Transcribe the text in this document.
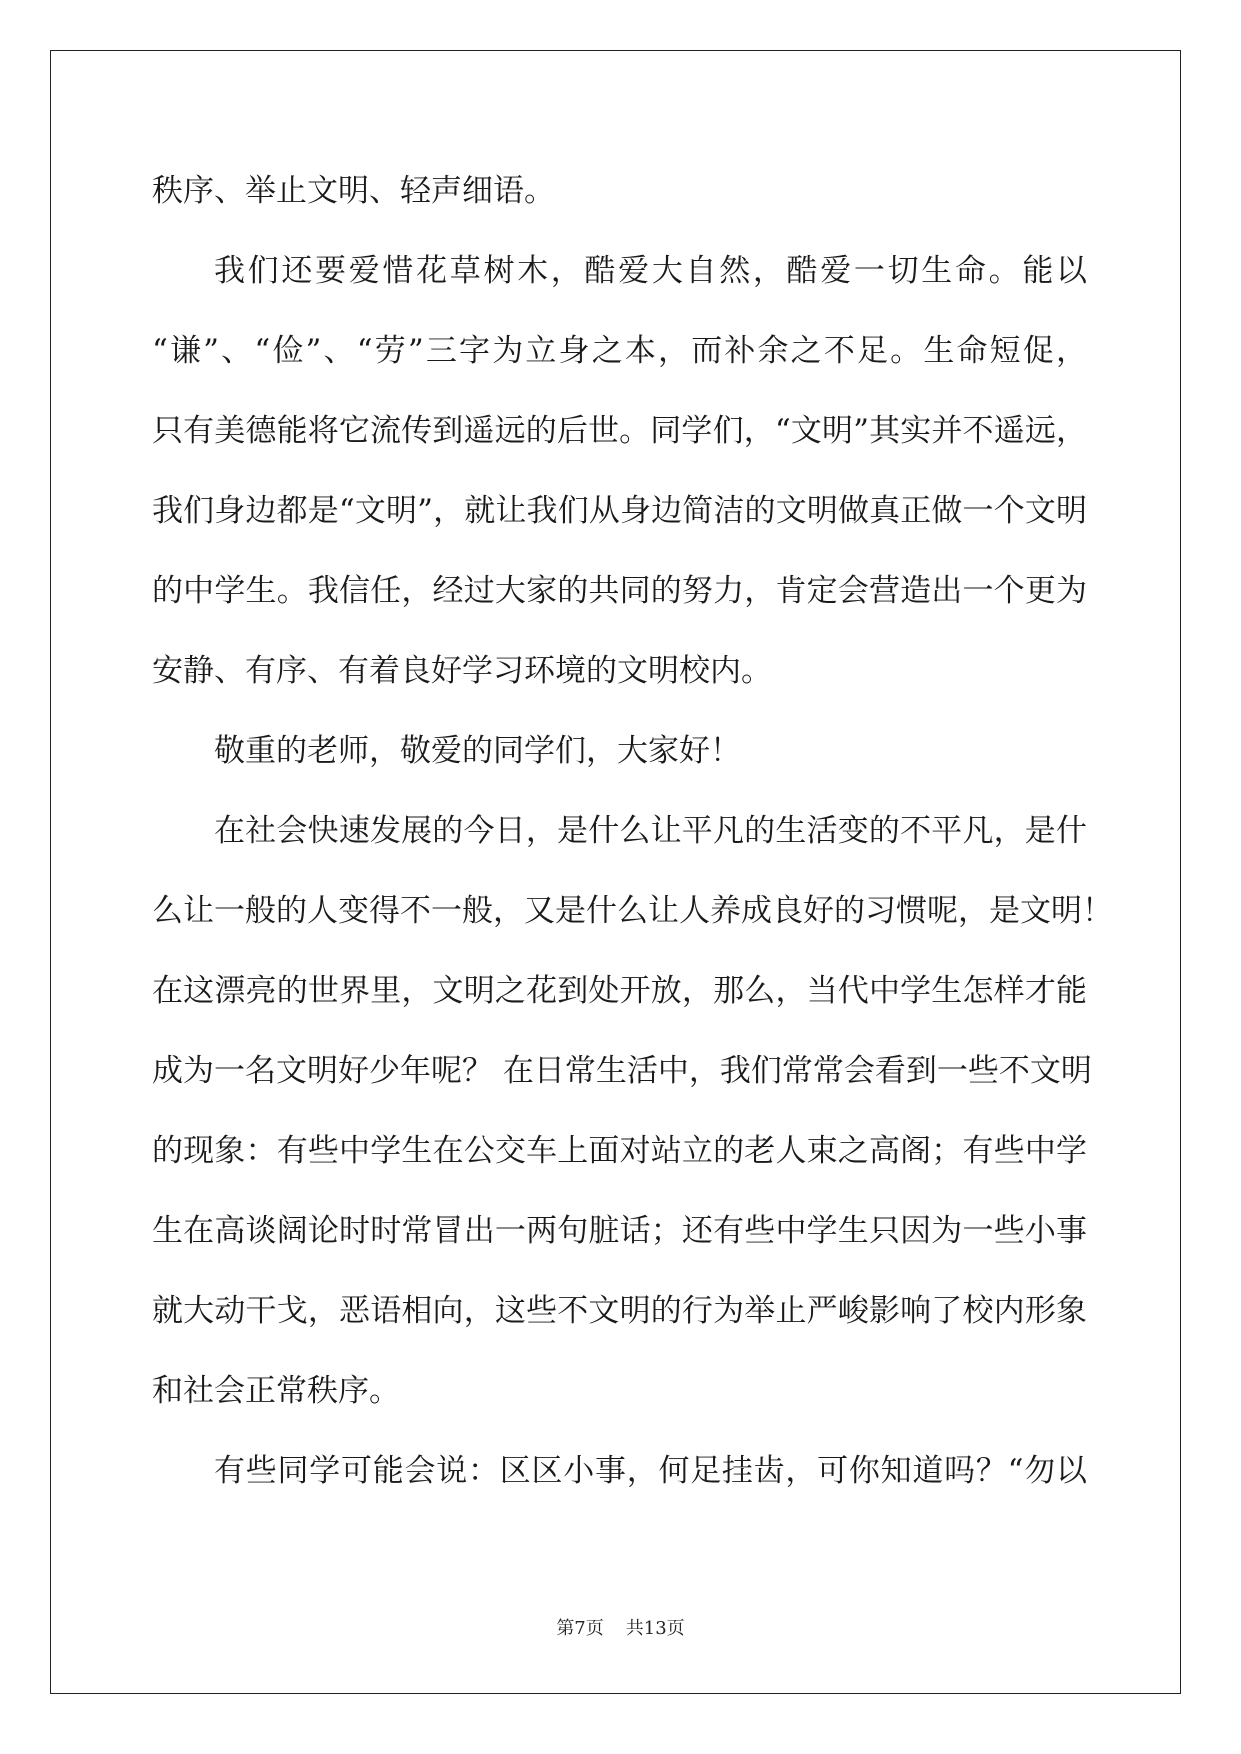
秩序、举止文明、轻声细语。
我们还要爱惜花草树木，酷爱大自然，酷爱一切生命。能以
“谦”、“俭”、“劳”三字为立身之本，而补余之不足。生命短促，
只有美德能将它流传到遥远的后世。同学们，“文明”其实并不遥远，
我们身边都是“文明”，就让我们从身边简洁的文明做真正做一个文明
的中学生。我信任，经过大家的共同的努力，肯定会营造出一个更为
安静、有序、有着良好学习环境的文明校内。
敬重的老师，敬爱的同学们，大家好！
在社会快速发展的今日，是什么让平凡的生活变的不平凡，是什
么让一般的人变得不一般，又是什么让人养成良好的习惯呢，是文明！
在这漂亮的世界里，文明之花到处开放，那么，当代中学生怎样才能
成为一名文明好少年呢？ 在日常生活中，我们常常会看到一些不文明
的现象：有些中学生在公交车上面对站立的老人束之高阁；有些中学
生在高谈阔论时时常冒出一两句脏话；还有些中学生只因为一些小事
就大动干戈，恶语相向，这些不文明的行为举止严峻影响了校内形象
和社会正常秩序。
有些同学可能会说：区区小事，何足挂齿，可你知道吗？“勿以
第7页 共13页
